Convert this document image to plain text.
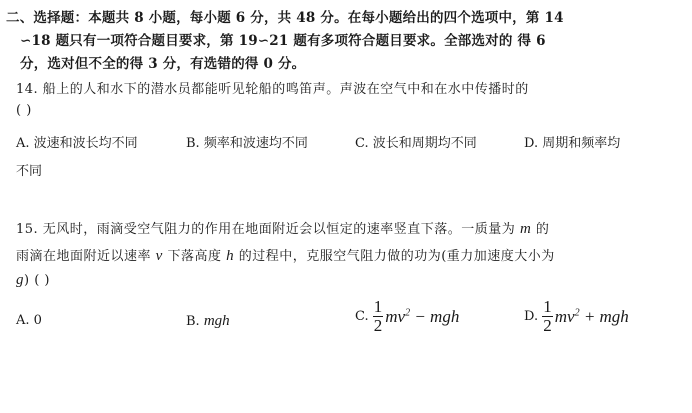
二、选择题：本题共 8 小题，每小题 6 分，共 48 分。在每小题给出的四个选项中，第 14
∽18 题只有一项符合题目要求，第 19∽21 题有多项符合题目要求。全部选对的 得 6
分，选对但不全的得 3 分，有选错的得 0 分。
14. 船上的人和水下的潜水员都能听见轮船的鸣笛声。声波在空气中和在水中传播时的
( )
A. 波速和波长均不同	B. 频率和波速均不同	C. 波长和周期均不同	D. 周期和频率均
不同
15. 无风时，雨滴受空气阻力的作用在地面附近会以恒定的速率竖直下落。一质量为 m 的
雨滴在地面附近以速率 v 下落高度 h 的过程中，克服空气阻力做的功为(重力加速度大小为
g) ( )
A. 0	B. mgh	C. $\frac{1}{2} mv^2$ − mgh	D. $\frac{1}{2} mv^2$ + mgh
